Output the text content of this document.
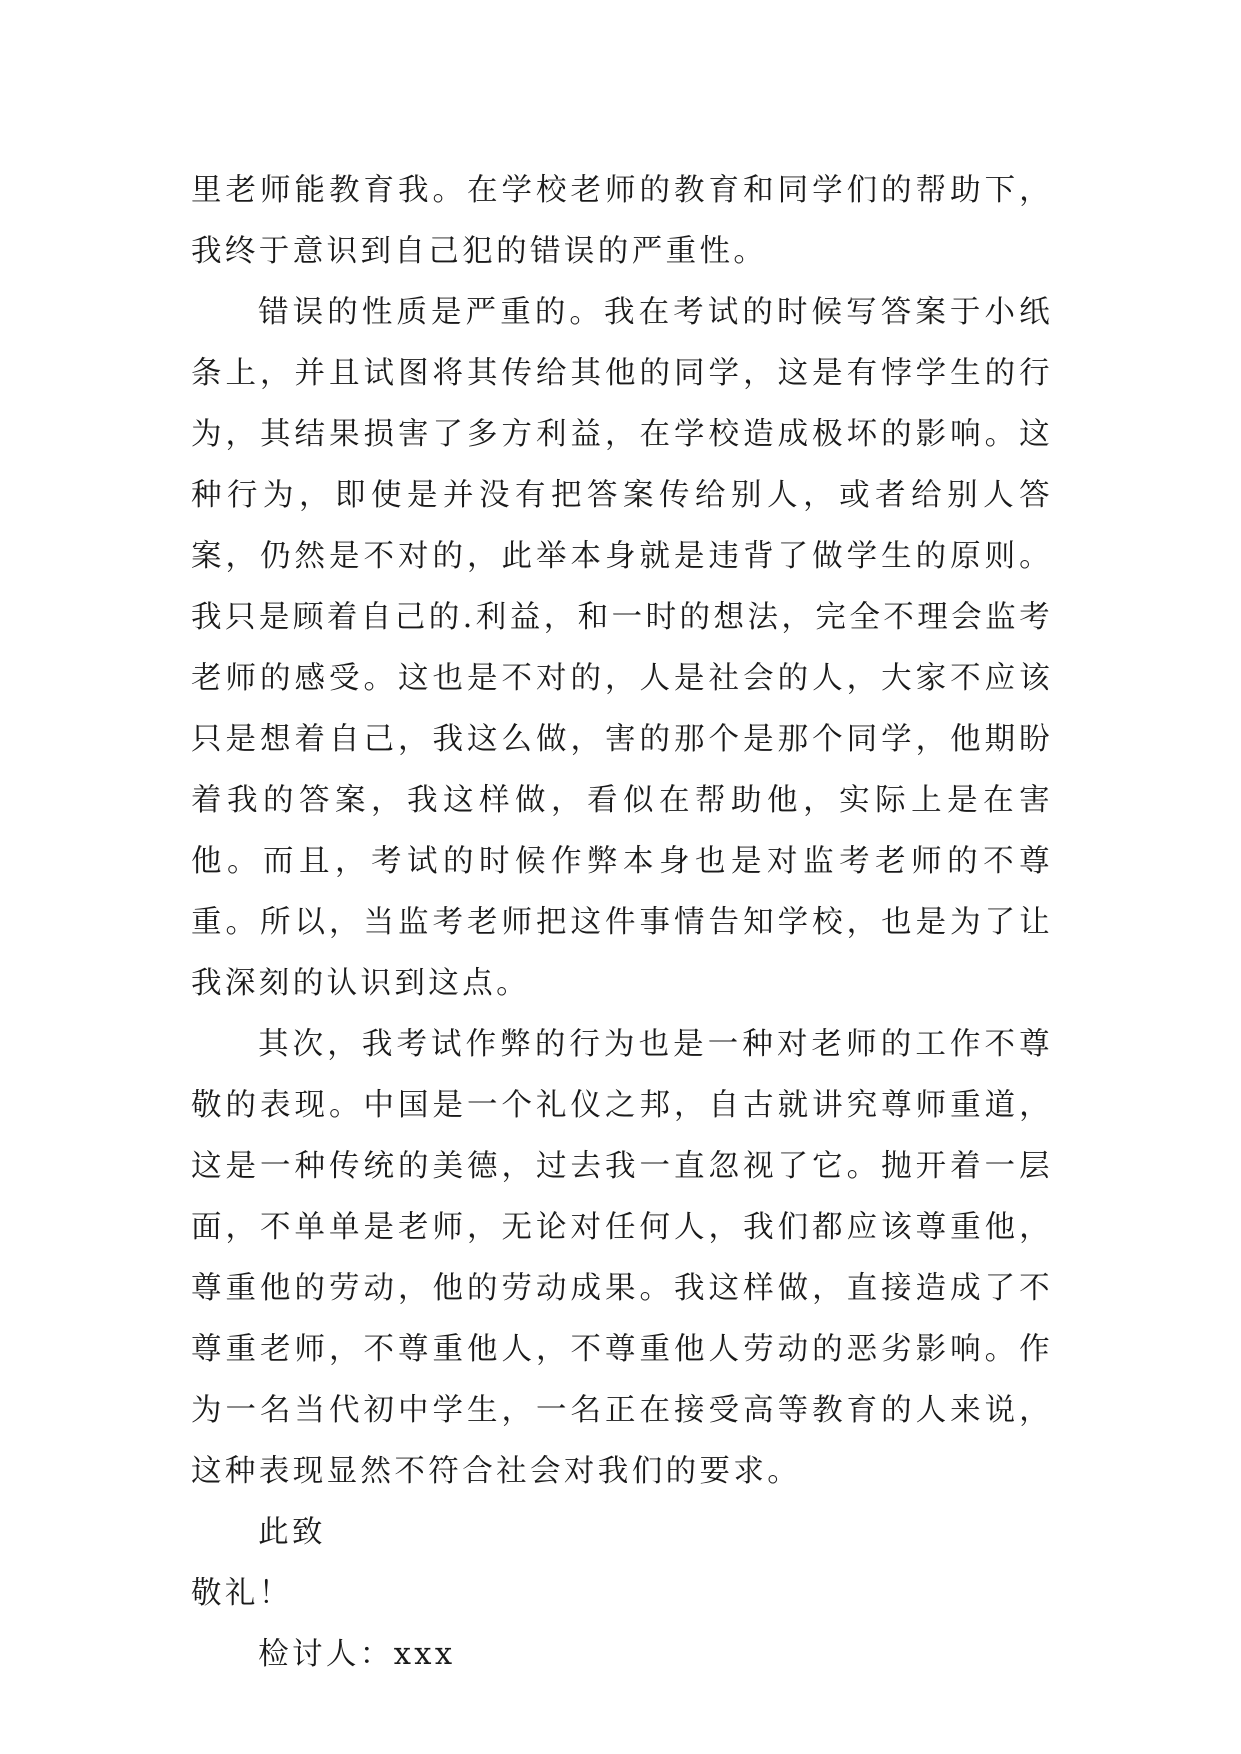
里老师能教育我。在学校老师的教育和同学们的帮助下，我终于意识到自己犯的错误的严重性。

错误的性质是严重的。我在考试的时候写答案于小纸条上，并且试图将其传给其他的同学，这是有悖学生的行为，其结果损害了多方利益，在学校造成极坏的影响。这种行为，即使是并没有把答案传给别人，或者给别人答案，仍然是不对的，此举本身就是违背了做学生的原则。我只是顾着自己的.利益，和一时的想法，完全不理会监考老师的感受。这也是不对的，人是社会的人，大家不应该只是想着自己，我这么做，害的那个是那个同学，他期盼着我的答案，我这样做，看似在帮助他，实际上是在害他。而且，考试的时候作弊本身也是对监考老师的不尊重。所以，当监考老师把这件事情告知学校，也是为了让我深刻的认识到这点。

其次，我考试作弊的行为也是一种对老师的工作不尊敬的表现。中国是一个礼仪之邦，自古就讲究尊师重道，这是一种传统的美德，过去我一直忽视了它。抛开着一层面，不单单是老师，无论对任何人，我们都应该尊重他，尊重他的劳动，他的劳动成果。我这样做，直接造成了不尊重老师，不尊重他人，不尊重他人劳动的恶劣影响。作为一名当代初中学生，一名正在接受高等教育的人来说，这种表现显然不符合社会对我们的要求。

此致

敬礼！

检讨人：xxx
